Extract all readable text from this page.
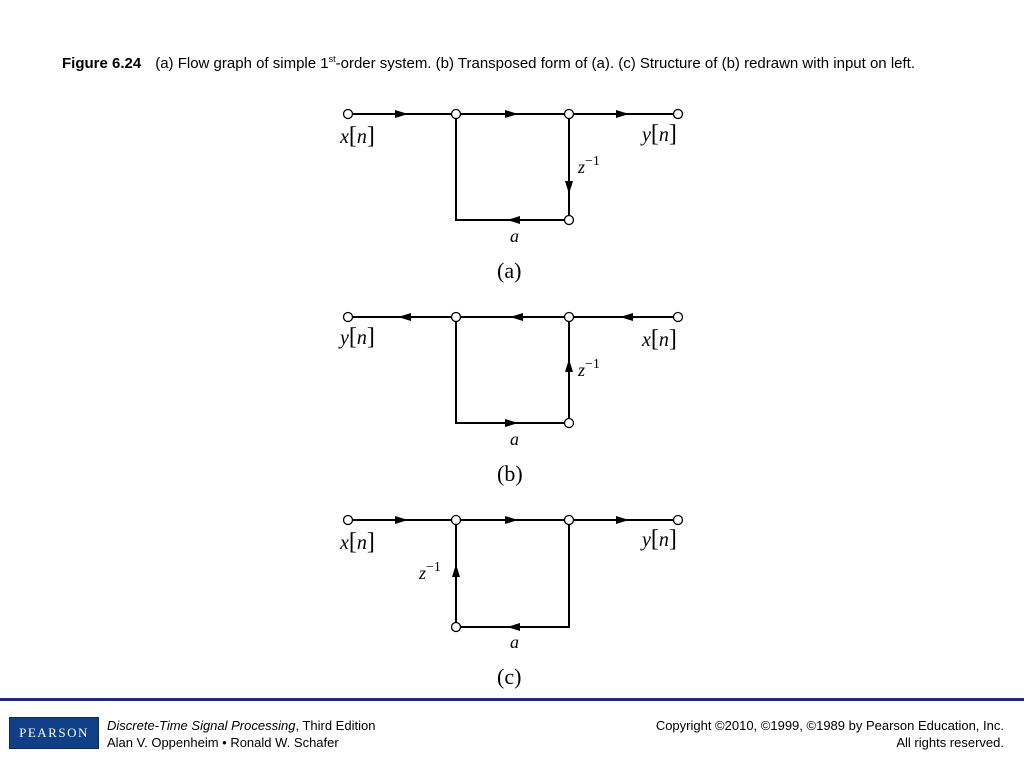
Figure 6.24 (a) Flow graph of simple 1st-order system. (b) Transposed form of (a). (c) Structure of (b) redrawn with input on left.
x[n]	y[n]
$z^{-1}$
a
(a)
y[n]	x[n]
$z^{-1}$
a
(b)
x[n]	y[n]
$z^{-1}$
a
(c)
PEARSON	Discrete-Time Signal Processing, Third Edition
Alan V. Oppenheim • Ronald W. Schafer
Copyright ©2010, ©1999, ©1989 by Pearson Education, Inc.
All rights reserved.
